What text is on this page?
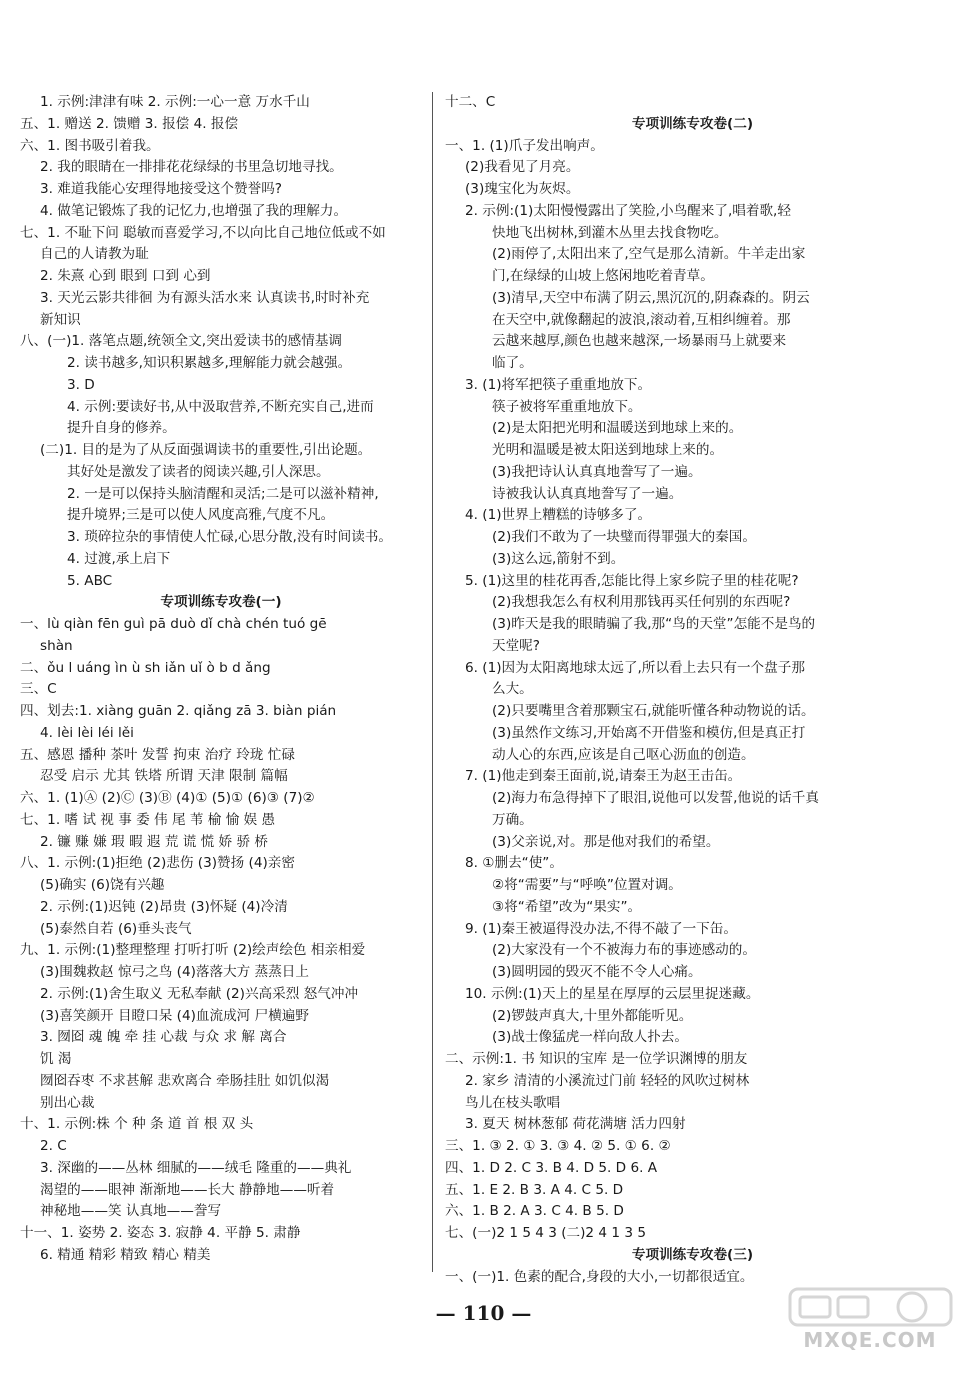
1. 示例:津津有味 2. 示例:一心一意 万水千山
五、1. 赠送 2. 馈赠 3. 报偿 4. 报偿
六、1. 图书吸引着我。
2. 我的眼睛在一排排花花绿绿的书里急切地寻找。
3. 难道我能心安理得地接受这个赞誉吗?
4. 做笔记锻炼了我的记忆力,也增强了我的理解力。
七、1. 不耻下问 聪敏而喜爱学习,不以向比自己地位低或不如
自己的人请教为耻
2. 朱熹 心到 眼到 口到 心到
3. 天光云影共徘徊 为有源头活水来 认真读书,时时补充
新知识
八、(一)1. 落笔点题,统领全文,突出爱读书的感情基调
2. 读书越多,知识积累越多,理解能力就会越强。
3. D
4. 示例:要读好书,从中汲取营养,不断充实自己,进而
提升自身的修养。
(二)1. 目的是为了从反面强调读书的重要性,引出论题。
其好处是激发了读者的阅读兴趣,引人深思。
2. 一是可以保持头脑清醒和灵活;二是可以滋补精神,
提升境界;三是可以使人风度高雅,气度不凡。
3. 琐碎拉杂的事情使人忙碌,心思分散,没有时间读书。
4. 过渡,承上启下
5. ABC
专项训练专攻卷(一)
一、lù qiàn fēn guì pā duò dǐ chà chén tuó gē
shàn
二、ǒu l uáng ìn ù sh iǎn uǐ ò b d ǎng
三、C
四、划去:1. xiàng guān 2. qiǎng zā 3. biàn pián
4. lèi lèi léi lěi
五、感恩 播种 茶叶 发誓 拘束 治疗 玲珑 忙碌
忍受 启示 尤其 铁塔 所谓 天津 限制 篇幅
六、1. (1)Ⓐ (2)Ⓒ (3)Ⓑ (4)① (5)① (6)③ (7)②
七、1. 嗜 试 视 事 委 伟 尾 苇 榆 愉 娱 愚
2. 镰 赚 嫌 瑕 暇 遐 荒 谎 慌 娇 骄 桥
八、1. 示例:(1)拒绝 (2)悲伤 (3)赞扬 (4)亲密
(5)确实 (6)饶有兴趣
2. 示例:(1)迟钝 (2)昂贵 (3)怀疑 (4)冷清
(5)泰然自若 (6)垂头丧气
九、1. 示例:(1)整理整理 打听打听 (2)绘声绘色 相亲相爱
(3)围魏救赵 惊弓之鸟 (4)落落大方 蒸蒸日上
2. 示例:(1)舍生取义 无私奉献 (2)兴高采烈 怒气冲冲
(3)喜笑颜开 目瞪口呆 (4)血流成河 尸横遍野
3. 囫囵 魂 魄 牵 挂 心裁 与众 求 解 离合
饥 渴
囫囵吞枣 不求甚解 悲欢离合 牵肠挂肚 如饥似渴
别出心裁
十、1. 示例:株 个 种 条 道 首 根 双 头
2. C
3. 深幽的——丛林 细腻的——绒毛 隆重的——典礼
渴望的——眼神 渐渐地——长大 静静地——听着
神秘地——笑 认真地——誊写
十一、1. 姿势 2. 姿态 3. 寂静 4. 平静 5. 肃静
6. 精通 精彩 精致 精心 精美
十二、C
专项训练专攻卷(二)
一、1. (1)爪子发出响声。
(2)我看见了月亮。
(3)瑰宝化为灰烬。
2. 示例:(1)太阳慢慢露出了笑脸,小鸟醒来了,唱着歌,轻
快地飞出树林,到灌木丛里去找食物吃。
(2)雨停了,太阳出来了,空气是那么清新。牛羊走出家
门,在绿绿的山坡上悠闲地吃着青草。
(3)清早,天空中布满了阴云,黑沉沉的,阴森森的。阴云
在天空中,就像翻起的波浪,滚动着,互相纠缠着。那
云越来越厚,颜色也越来越深,一场暴雨马上就要来
临了。
3. (1)将军把筷子重重地放下。
筷子被将军重重地放下。
(2)是太阳把光明和温暖送到地球上来的。
光明和温暖是被太阳送到地球上来的。
(3)我把诗认认真真地誊写了一遍。
诗被我认认真真地誊写了一遍。
4. (1)世界上糟糕的诗够多了。
(2)我们不敢为了一块璧而得罪强大的秦国。
(3)这么远,箭射不到。
5. (1)这里的桂花再香,怎能比得上家乡院子里的桂花呢?
(2)我想我怎么有权利用那钱再买任何别的东西呢?
(3)昨天是我的眼睛骗了我,那“鸟的天堂”怎能不是鸟的
天堂呢?
6. (1)因为太阳离地球太远了,所以看上去只有一个盘子那
么大。
(2)只要嘴里含着那颗宝石,就能听懂各种动物说的话。
(3)虽然作文练习,开始离不开借鉴和模仿,但是真正打
动人心的东西,应该是自己呕心沥血的创造。
7. (1)他走到秦王面前,说,请秦王为赵王击缶。
(2)海力布急得掉下了眼泪,说他可以发誓,他说的话千真
万确。
(3)父亲说,对。那是他对我们的希望。
8. ①删去“使”。
②将“需要”与“呼唤”位置对调。
③将“希望”改为“果实”。
9. (1)秦王被逼得没办法,不得不敲了一下缶。
(2)大家没有一个不被海力布的事迹感动的。
(3)圆明园的毁灭不能不令人心痛。
10. 示例:(1)天上的星星在厚厚的云层里捉迷藏。
(2)锣鼓声真大,十里外都能听见。
(3)战士像猛虎一样向敌人扑去。
二、示例:1. 书 知识的宝库 是一位学识渊博的朋友
2. 家乡 清清的小溪流过门前 轻轻的风吹过树林
鸟儿在枝头歌唱
3. 夏天 树林葱郁 荷花满塘 活力四射
三、1. ③ 2. ① 3. ③ 4. ② 5. ① 6. ②
四、1. D 2. C 3. B 4. D 5. D 6. A
五、1. E 2. B 3. A 4. C 5. D
六、1. B 2. A 3. C 4. B 5. D
七、(一)2 1 5 4 3 (二)2 4 1 3 5
专项训练专攻卷(三)
一、(一)1. 色素的配合,身段的大小,一切都很适宜。
— 110 —
MXQE.COM
